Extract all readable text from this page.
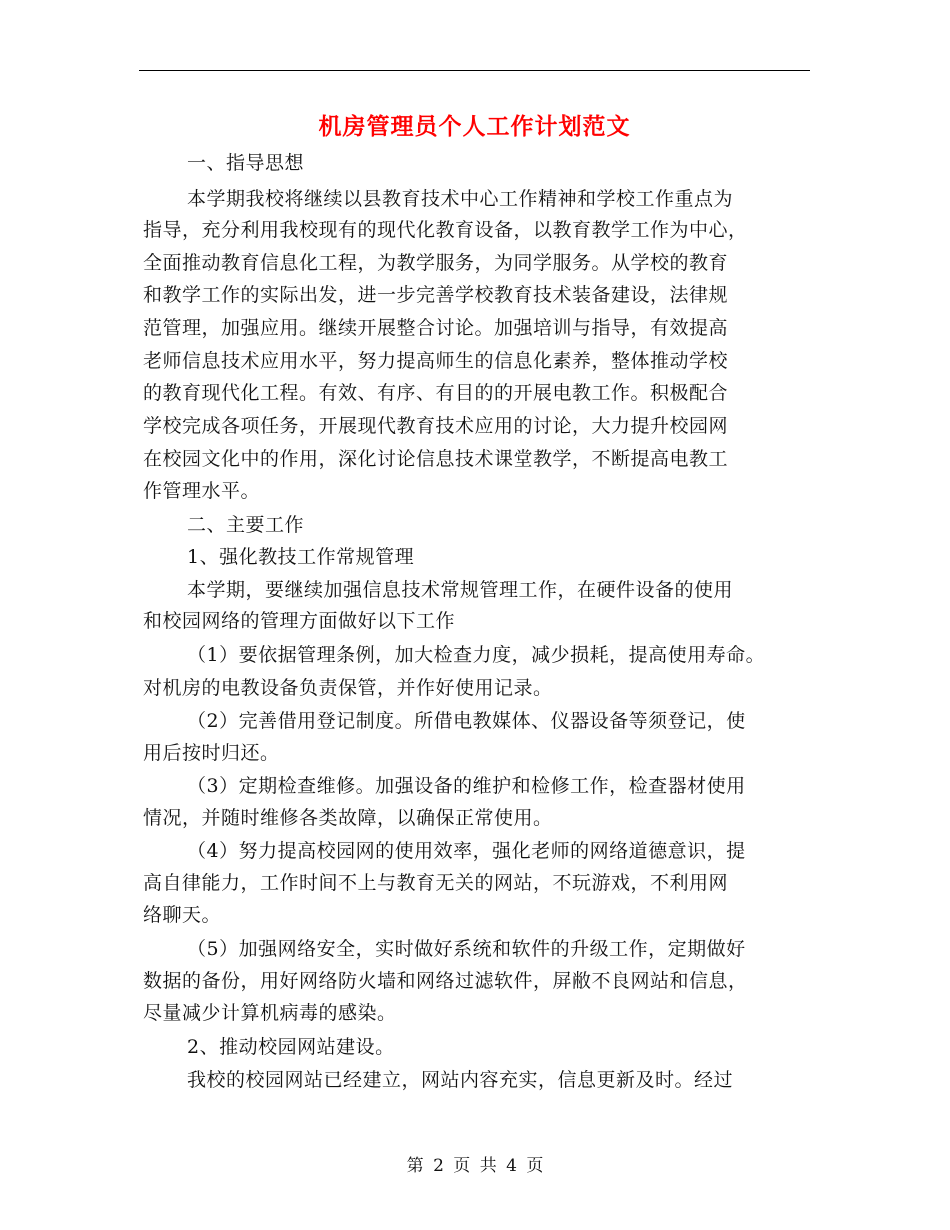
机房管理员个人工作计划范文
一、指导思想
本学期我校将继续以县教育技术中心工作精神和学校工作重点为
指导，充分利用我校现有的现代化教育设备，以教育教学工作为中心，
全面推动教育信息化工程，为教学服务，为同学服务。从学校的教育
和教学工作的实际出发，进一步完善学校教育技术装备建设，法律规
范管理，加强应用。继续开展整合讨论。加强培训与指导，有效提高
老师信息技术应用水平，努力提高师生的信息化素养，整体推动学校
的教育现代化工程。有效、有序、有目的的开展电教工作。积极配合
学校完成各项任务，开展现代教育技术应用的讨论，大力提升校园网
在校园文化中的作用，深化讨论信息技术课堂教学，不断提高电教工
作管理水平。
二、主要工作
1、强化教技工作常规管理
本学期，要继续加强信息技术常规管理工作，在硬件设备的使用
和校园网络的管理方面做好以下工作
（1）要依据管理条例，加大检查力度，减少损耗，提高使用寿命。
对机房的电教设备负责保管，并作好使用记录。
（2）完善借用登记制度。所借电教媒体、仪器设备等须登记，使
用后按时归还。
（3）定期检查维修。加强设备的维护和检修工作，检查器材使用
情况，并随时维修各类故障，以确保正常使用。
（4）努力提高校园网的使用效率，强化老师的网络道德意识，提
高自律能力，工作时间不上与教育无关的网站，不玩游戏，不利用网
络聊天。
（5）加强网络安全，实时做好系统和软件的升级工作，定期做好
数据的备份，用好网络防火墙和网络过滤软件，屏敝不良网站和信息，
尽量减少计算机病毒的感染。
2、推动校园网站建设。
我校的校园网站已经建立，网站内容充实，信息更新及时。经过
第 2 页 共 4 页
